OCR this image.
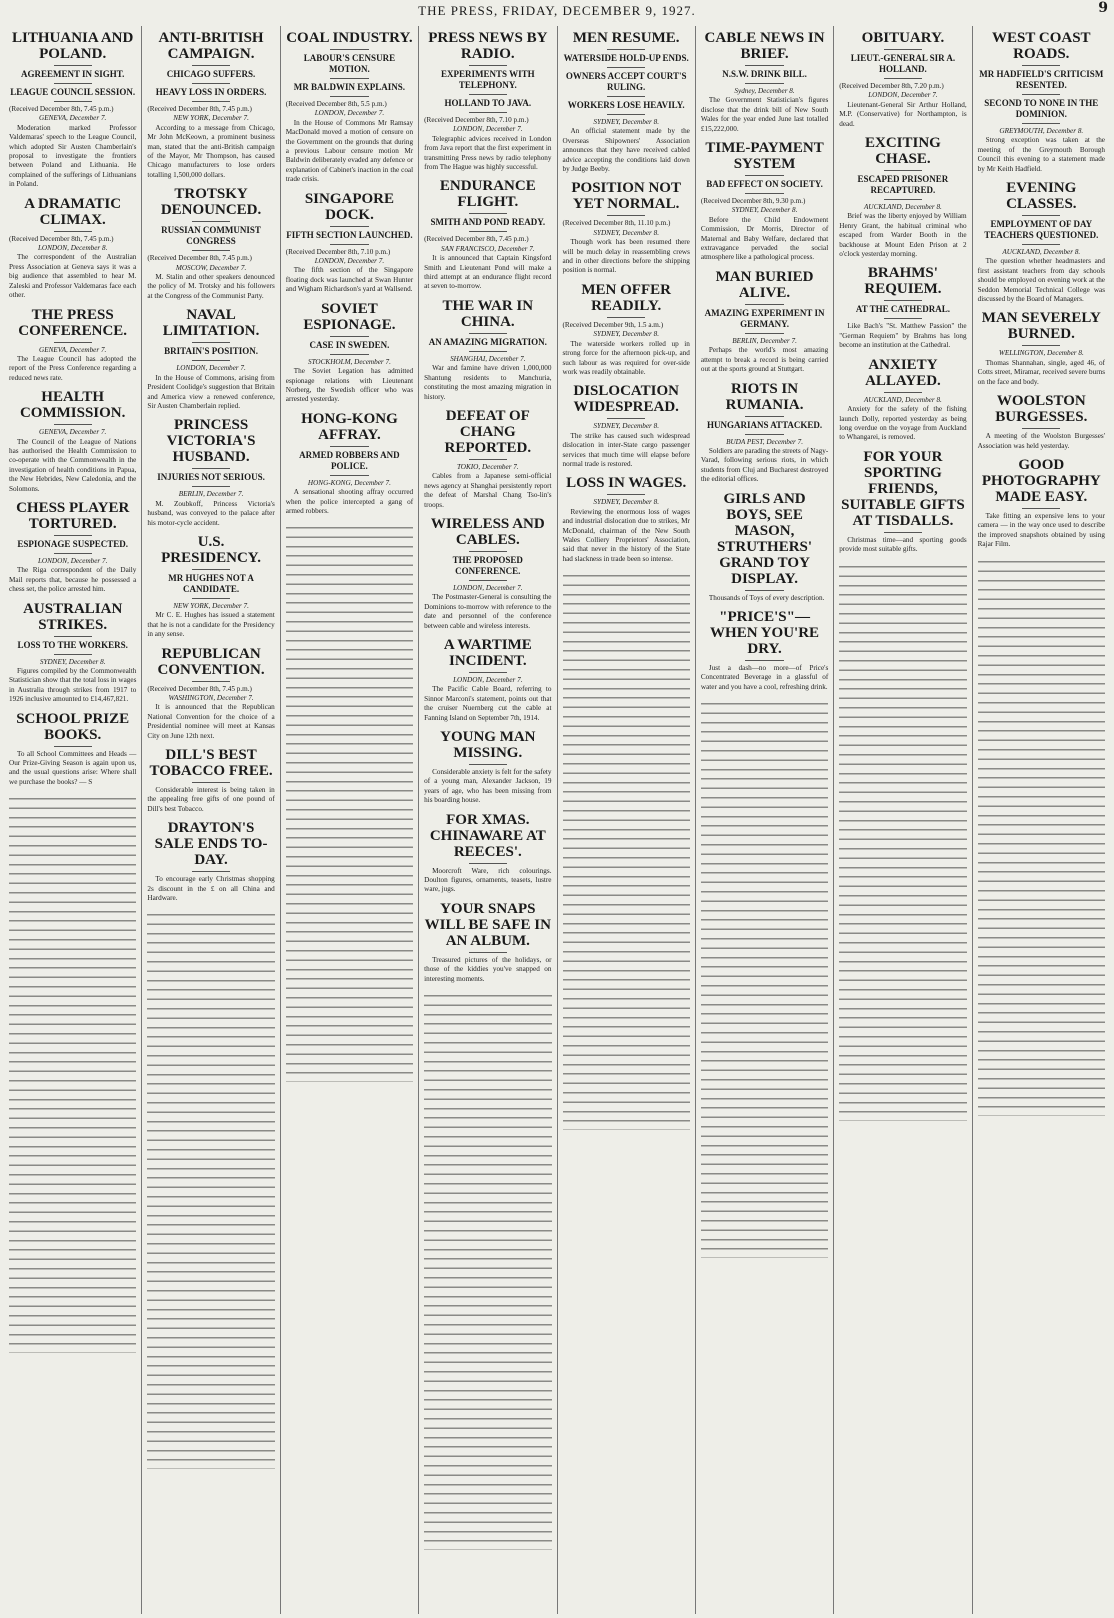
THE PRESS, FRIDAY, DECEMBER 9, 1927.	9
LITHUANIA AND POLAND.
AGREEMENT IN SIGHT.
LEAGUE COUNCIL SESSION.

(Received December 8th, 7.45 p.m.)

GENEVA, December 7.

Moderation marked Professor Valdemaras' speech to the League Council, which adopted Sir Austen Chamberlain's proposal to investigate the frontiers between Poland and Lithuania. He complained of the sufferings of Lithuanians in Poland.

A DRAMATIC CLIMAX.

(Received December 8th, 7.45 p.m.)

LONDON, December 8.

The correspondent of the Australian Press Association at Geneva says it was a big audience that assembled to hear M. Zaleski and Professor Valdemaras face each other.

THE PRESS CONFERENCE.
GENEVA, December 7.

The League Council has adopted the report of the Press Conference regarding a reduced news rate.

HEALTH COMMISSION.
GENEVA, December 7.

The Council of the League of Nations has authorised the Health Commission to co-operate with the Commonwealth in the investigation of health conditions in Papua, the New Hebrides, New Caledonia, and the Solomons.

CHESS PLAYER TORTURED.
ESPIONAGE SUSPECTED.
LONDON, December 7.

The Riga correspondent of the Daily Mail reports that, because he possessed a chess set, the police arrested him.

AUSTRALIAN STRIKES.
LOSS TO THE WORKERS.
SYDNEY, December 8.

Figures compiled by the Commonwealth Statistician show that the total loss in wages in Australia through strikes from 1917 to 1926 inclusive amounted to £14,467,821.

SCHOOL PRIZE BOOKS.

To all School Committees and Heads — Our Prize-Giving Season is again upon us, and the usual questions arise: Where shall we purchase the books? — S

ANTI-BRITISH CAMPAIGN.
CHICAGO SUFFERS.
HEAVY LOSS IN ORDERS.

(Received December 8th, 7.45 p.m.)

NEW YORK, December 7.

According to a message from Chicago, Mr John McKeown, a prominent business man, stated that the anti-British campaign of the Mayor, Mr Thompson, has caused Chicago manufacturers to lose orders totalling 1,500,000 dollars.

TROTSKY DENOUNCED.
RUSSIAN COMMUNIST CONGRESS

(Received December 8th, 7.45 p.m.)

MOSCOW, December 7.

M. Stalin and other speakers denounced the policy of M. Trotsky and his followers at the Congress of the Communist Party.

NAVAL LIMITATION.
BRITAIN'S POSITION.
LONDON, December 7.

In the House of Commons, arising from President Coolidge's suggestion that Britain and America view a renewed conference, Sir Austen Chamberlain replied.

PRINCESS VICTORIA'S HUSBAND.
INJURIES NOT SERIOUS.
BERLIN, December 7.

M. Zoubkoff, Princess Victoria's husband, was conveyed to the palace after his motor-cycle accident.

U.S. PRESIDENCY.
MR HUGHES NOT A CANDIDATE.
NEW YORK, December 7.

Mr C. E. Hughes has issued a statement that he is not a candidate for the Presidency in any sense.

REPUBLICAN CONVENTION.

(Received December 8th, 7.45 p.m.)

WASHINGTON, December 7.

It is announced that the Republican National Convention for the choice of a Presidential nominee will meet at Kansas City on June 12th next.

DILL'S BEST TOBACCO FREE.

Considerable interest is being taken in the appealing free gifts of one pound of Dill's best Tobacco.

DRAYTON'S SALE ENDS TO-DAY.

To encourage early Christmas shopping 2s discount in the £ on all China and Hardware.

COAL INDUSTRY.
LABOUR'S CENSURE MOTION.
MR BALDWIN EXPLAINS.

(Received December 8th, 5.5 p.m.)

LONDON, December 7.

In the House of Commons Mr Ramsay MacDonald moved a motion of censure on the Government on the grounds that during a previous Labour censure motion Mr Baldwin deliberately evaded any defence or explanation of Cabinet's inaction in the coal trade crisis.

SINGAPORE DOCK.
FIFTH SECTION LAUNCHED.

(Received December 8th, 7.10 p.m.)

LONDON, December 7.

The fifth section of the Singapore floating dock was launched at Swan Hunter and Wigham Richardson's yard at Wallsend.

SOVIET ESPIONAGE.
CASE IN SWEDEN.
STOCKHOLM, December 7.

The Soviet Legation has admitted espionage relations with Lieutenant Norberg, the Swedish officer who was arrested yesterday.

HONG-KONG AFFRAY.
ARMED ROBBERS AND POLICE.
HONG-KONG, December 7.

A sensational shooting affray occurred when the police intercepted a gang of armed robbers.

PRESS NEWS BY RADIO.
EXPERIMENTS WITH TELEPHONY.
HOLLAND TO JAVA.

(Received December 8th, 7.10 p.m.)

LONDON, December 7.

Telegraphic advices received in London from Java report that the first experiment in transmitting Press news by radio telephony from The Hague was highly successful.

ENDURANCE FLIGHT.
SMITH AND POND READY.

(Received December 8th, 7.45 p.m.)

SAN FRANCISCO, December 7.

It is announced that Captain Kingsford Smith and Lieutenant Pond will make a third attempt at an endurance flight record at seven to-morrow.

THE WAR IN CHINA.
AN AMAZING MIGRATION.
SHANGHAI, December 7.

War and famine have driven 1,000,000 Shantung residents to Manchuria, constituting the most amazing migration in history.

DEFEAT OF CHANG REPORTED.
TOKIO, December 7.

Cables from a Japanese semi-official news agency at Shanghai persistently report the defeat of Marshal Chang Tso-lin's troops.

WIRELESS AND CABLES.
THE PROPOSED CONFERENCE.
LONDON, December 7.

The Postmaster-General is consulting the Dominions to-morrow with reference to the date and personnel of the conference between cable and wireless interests.

A WARTIME INCIDENT.
LONDON, December 7.

The Pacific Cable Board, referring to Sinnor Marconi's statement, points out that the cruiser Nuernberg cut the cable at Fanning Island on September 7th, 1914.

YOUNG MAN MISSING.

Considerable anxiety is felt for the safety of a young man, Alexander Jackson, 19 years of age, who has been missing from his boarding house.

FOR XMAS. CHINAWARE AT REECES'.

Moorcroft Ware, rich colourings. Doulton figures, ornaments, teasets, lustre ware, jugs.

YOUR SNAPS WILL BE SAFE IN AN ALBUM.

Treasured pictures of the holidays, or those of the kiddies you've snapped on interesting moments.

MEN RESUME.
WATERSIDE HOLD-UP ENDS.
OWNERS ACCEPT COURT'S RULING.
WORKERS LOSE HEAVILY.
SYDNEY, December 8.

An official statement made by the Overseas Shipowners' Association announces that they have received cabled advice accepting the conditions laid down by Judge Beeby.

POSITION NOT YET NORMAL.

(Received December 8th, 11.10 p.m.)

SYDNEY, December 8.

Though work has been resumed there will be much delay in reassembling crews and in other directions before the shipping position is normal.

MEN OFFER READILY.

(Received December 9th, 1.5 a.m.)

SYDNEY, December 8.

The waterside workers rolled up in strong force for the afternoon pick-up, and such labour as was required for over-side work was readily obtainable.

DISLOCATION WIDESPREAD.
SYDNEY, December 8.

The strike has caused such widespread dislocation in inter-State cargo passenger services that much time will elapse before normal trade is restored.

LOSS IN WAGES.
SYDNEY, December 8.

Reviewing the enormous loss of wages and industrial dislocation due to strikes, Mr McDonald, chairman of the New South Wales Colliery Proprietors' Association, said that never in the history of the State had slackness in trade been so intense.

CABLE NEWS IN BRIEF.
N.S.W. DRINK BILL.
Sydney, December 8.

The Government Statistician's figures disclose that the drink bill of New South Wales for the year ended June last totalled £15,222,000.

TIME-PAYMENT SYSTEM
BAD EFFECT ON SOCIETY.

(Received December 8th, 9.30 p.m.)

SYDNEY, December 8.

Before the Child Endowment Commission, Dr Morris, Director of Maternal and Baby Welfare, declared that extravagance pervaded the social atmosphere like a pathological process.

MAN BURIED ALIVE.
AMAZING EXPERIMENT IN GERMANY.
BERLIN, December 7.

Perhaps the world's most amazing attempt to break a record is being carried out at the sports ground at Stuttgart.

RIOTS IN RUMANIA.
HUNGARIANS ATTACKED.
BUDA PEST, December 7.

Soldiers are parading the streets of Nagy-Varad, following serious riots, in which students from Cluj and Bucharest destroyed the editorial offices.

GIRLS AND BOYS, SEE MASON, STRUTHERS' GRAND TOY DISPLAY.

Thousands of Toys of every description.

"PRICE'S"—WHEN YOU'RE DRY.

Just a dash—no more—of Price's Concentrated Beverage in a glassful of water and you have a cool, refreshing drink.

OBITUARY.
LIEUT.-GENERAL SIR A. HOLLAND.

(Received December 8th, 7.20 p.m.)

LONDON, December 7.

Lieutenant-General Sir Arthur Holland, M.P. (Conservative) for Northampton, is dead.

EXCITING CHASE.
ESCAPED PRISONER RECAPTURED.
AUCKLAND, December 8.

Brief was the liberty enjoyed by William Henry Grant, the habitual criminal who escaped from Warder Booth in the backhouse at Mount Eden Prison at 2 o'clock yesterday morning.

BRAHMS' REQUIEM.
AT THE CATHEDRAL.

Like Bach's "St. Matthew Passion" the "German Requiem" by Brahms has long become an institution at the Cathedral.

ANXIETY ALLAYED.
AUCKLAND, December 8.

Anxiety for the safety of the fishing launch Dolly, reported yesterday as being long overdue on the voyage from Auckland to Whangarei, is removed.

FOR YOUR SPORTING FRIENDS, SUITABLE GIFTS AT TISDALLS.

Christmas time—and sporting goods provide most suitable gifts.

WEST COAST ROADS.
MR HADFIELD'S CRITICISM RESENTED.
SECOND TO NONE IN THE DOMINION.
GREYMOUTH, December 8.

Strong exception was taken at the meeting of the Greymouth Borough Council this evening to a statement made by Mr Keith Hadfield.

EVENING CLASSES.
EMPLOYMENT OF DAY TEACHERS QUESTIONED.
AUCKLAND, December 8.

The question whether headmasters and first assistant teachers from day schools should be employed on evening work at the Seddon Memorial Technical College was discussed by the Board of Managers.

MAN SEVERELY BURNED.
WELLINGTON, December 8.

Thomas Shannahan, single, aged 46, of Cotts street, Miramar, received severe burns on the face and body.

WOOLSTON BURGESSES.

A meeting of the Woolston Burgesses' Association was held yesterday.

GOOD PHOTOGRAPHY MADE EASY.

Take fitting an expensive lens to your camera — in the way once used to describe the improved snapshots obtained by using Rajar Film.
